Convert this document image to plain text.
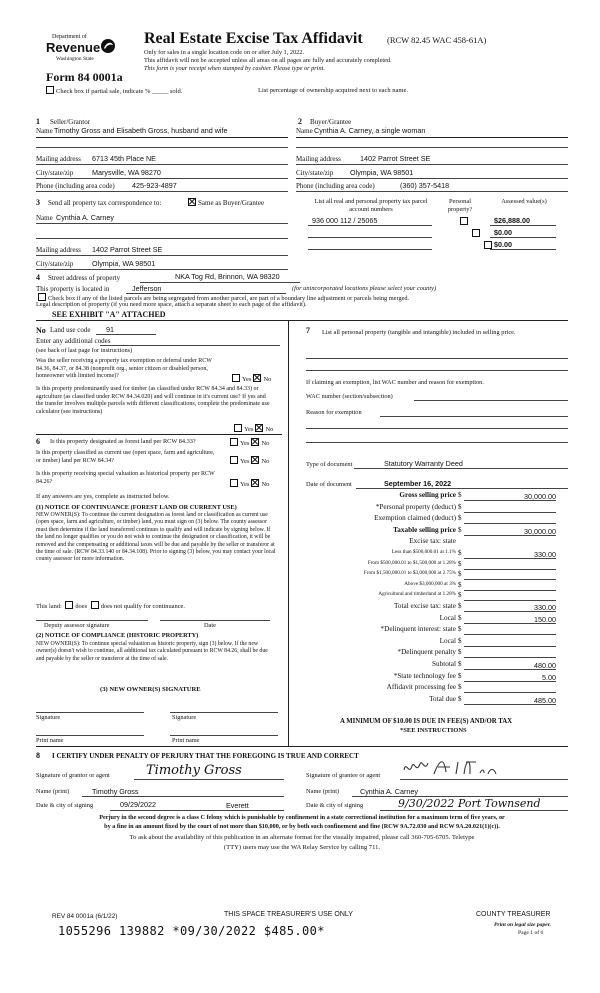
Department of
Revenue
Washington State
Real Estate Excise Tax Affidavit	(RCW 82.45 WAC 458-61A)
Only for sales in a single location code on or after July 1, 2022.
This affidavit will not be accepted unless all areas on all pages are fully and accurately completed.
This form is your receipt when stamped by cashier. Please type or print.
Form 84 0001a
Check box if partial sale, indicate % _____ sold.	List percentage of ownership acquired next to each name.
1 Seller/Grantor
Name Timothy Gross and Elisabeth Gross, husband and wife
Mailing address 6713 45th Place NE
City/state/zip	Marysville, WA 98270
Phone (including area code) 425-923-4897
2 Buyer/Grantee
Name Cynthia A. Carney, a single woman
Mailing address	1402 Parrot Street SE
City/state/zip Olympia, WA 98501
Phone (including area code)	(360) 357-5418
3 Send all property tax correspondence to:	Same as Buyer/Grantee
Name Cynthia A. Carney
Mailing address 1402 Parrot Street SE
City/state/zip	Olympia, WA 98501
List all real and personal property tax parcel account numbers
Personal property?
Assessed value(s)
936 000 112 / 25065	$26,888.00
$0.00
$0.00
4 Street address of property	NKA Tog Rd, Brinnon, WA 98320
This property is located in	Jefferson	(for unincorporated locations please select your county)
Check box if any of the listed parcels are being segregated from another parcel, are part of a boundary line adjustment or parcels being merged.
Legal description of property (if you need more space, attach a separate sheet to each page of the affidavit).
SEE EXHIBIT "A" ATTACHED
No Land use code 91
Enter any additional codes
(see back of last page for instructions)
Was the seller receiving a property tax exemption or deferral under RCW 84.36, 84.37, or 84.38 (nonprofit org., senior citizen or disabled person, homeowner with limited income)?	Yes No
Is this property predominantly used for timber (as classified under RCW 84.34 and 84.33) or agriculture (as classified under RCW 84.34.020) and will continue in it's current use? If yes and the transfer involves multiple parcels with different classifications, complete the predominate use calculator (see instructions)
Yes No
6 Is this property designated as forest land per RCW 84.33?	Yes No
Is this property classified as current use (open space, farm and agriculture, or timber) land per RCW 84.34?	Yes No
Is this property receiving special valuation as historical property per RCW 84.26?	Yes No
If any answers are yes, complete as instructed below.
(1) NOTICE OF CONTINUANCE (FOREST LAND OR CURRENT USE)
NEW OWNER(S): To continue the current designation as forest land or classification as current use (open space, farm and agriculture, or timber) land, you must sign on (3) below. The county assessor must then determine if the land transferred continues to qualify and will indicate by signing below. If the land no longer qualifies or you do not wish to continue the designation or classification, it will be removed and the compensating or additional taxes will be due and payable by the seller or transferor at the time of sale. (RCW 84.33.140 or 84.34.108). Prior to signing (3) below, you may contact your local county assessor for more information.
This land: does does not qualify for continuance.
Deputy assessor signature	Date
(2) NOTICE OF COMPLIANCE (HISTORIC PROPERTY)
NEW OWNER(S): To continue special valuation as historic property, sign (3) below. If the new owner(s) doesn't wish to continue, all additional tax calculated pursuant to RCW 84.26, shall be due and payable by the seller or transferor at the time of sale.
(3) NEW OWNER(S) SIGNATURE
Signature	Signature
Print name	Print name
7	List all personal property (tangible and intangible) included in selling price.
If claiming an exemption, list WAC number and reason for exemption.
WAC number (section/subsection)
Reason for exemption
Type of document	Statutory Warranty Deed
Date of document	September 16, 2022
Gross selling price $	30,000.00
*Personal property (deduct) $
Exemption claimed (deduct) $
Taxable selling price $	30,000.00
Excise tax: state
Less than $500,000.01 at 1.1% $	330.00
From $500,000.01 to $1,500,000 at 1.28% $
From $1,500,000.01 to $3,000,000 at 2.75% $
Above $3,000,000 at 3% $
Agricultural and timberland at 1.28% $
Total excise tax: state $	330.00
Local $	150.00
*Delinquent interest: state $
Local $
*Delinquent penalty $
Subtotal $	480.00
*State technology fee $	5.00
Affidavit processing fee $
Total due $	485.00
A MINIMUM OF $10.00 IS DUE IN FEE(S) AND/OR TAX
*SEE INSTRUCTIONS
8 I CERTIFY UNDER PENALTY OF PERJURY THAT THE FOREGOING IS TRUE AND CORRECT
Signature of grantor or agent	Timothy Gross
Name (print)	Timothy Gross
Date & city of signing	09/29/2022	Everett
Signature of grantee or agent
Name (print)	Cynthia A. Carney
Date & city of signing	9/30/2022 Port Townsend
Perjury in the second degree is a class C felony which is punishable by confinement in a state correctional institution for a maximum term of five years, or
by a fine in an amount fixed by the court of not more than $10,000, or by both such confinement and fine (RCW 9A.72.030 and RCW 9A.20.021(1)(c)).
To ask about the availability of this publication in an alternate format for the visually impaired, please call 360-705-6705. Teletype
(TTY) users may use the WA Relay Service by calling 711.
REV 84 0001a (6/1/22)	THIS SPACE TREASURER'S USE ONLY	COUNTY TREASURER
Print on legal size paper.
Page 1 of 6
1055296 139882 *09/30/2022 $485.00*
